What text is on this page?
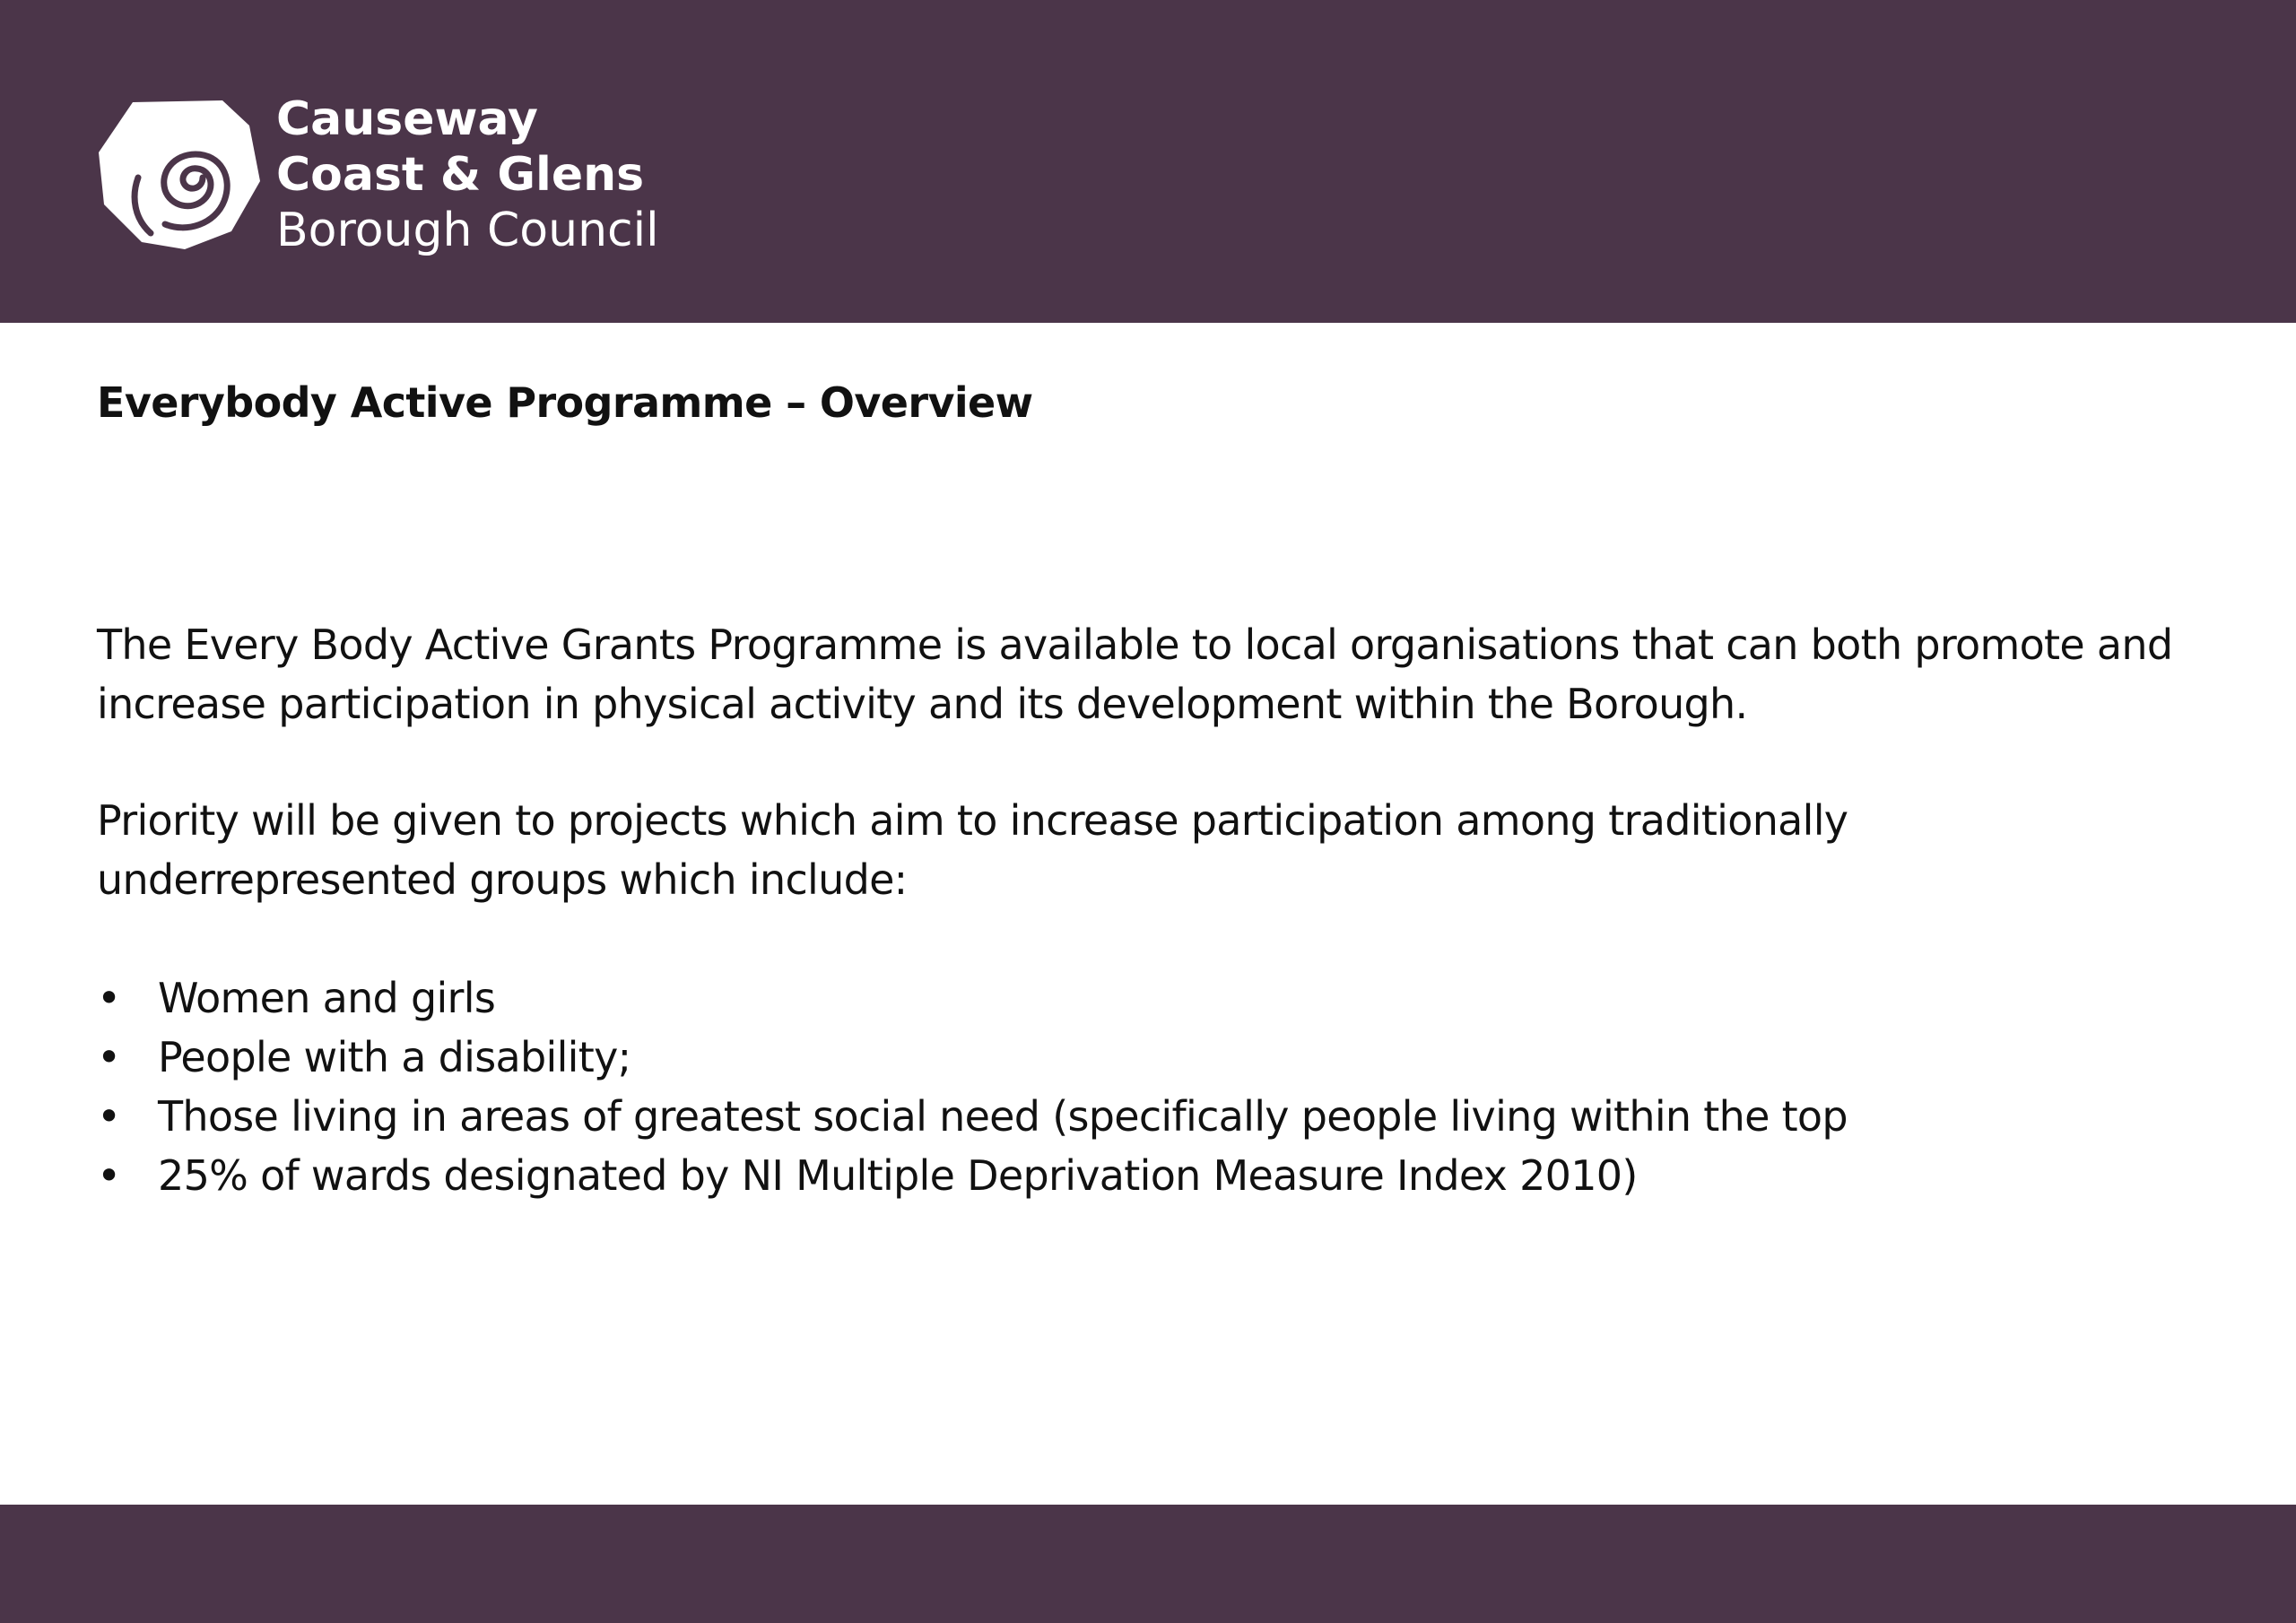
Causeway
Coast & Glens
Borough Council
Everybody Active Programme – Overview

The Every Body Active Grants Programme is available to local organisations that can both promote and increase participation in physical activity and its development within the Borough.

Priority will be given to projects which aim to increase participation among traditionally underrepresented groups which include:

• Women and girls
• People with a disability;
• Those living in areas of greatest social need (specifically people living within the top
• 25% of wards designated by NI Multiple Deprivation Measure Index 2010)
